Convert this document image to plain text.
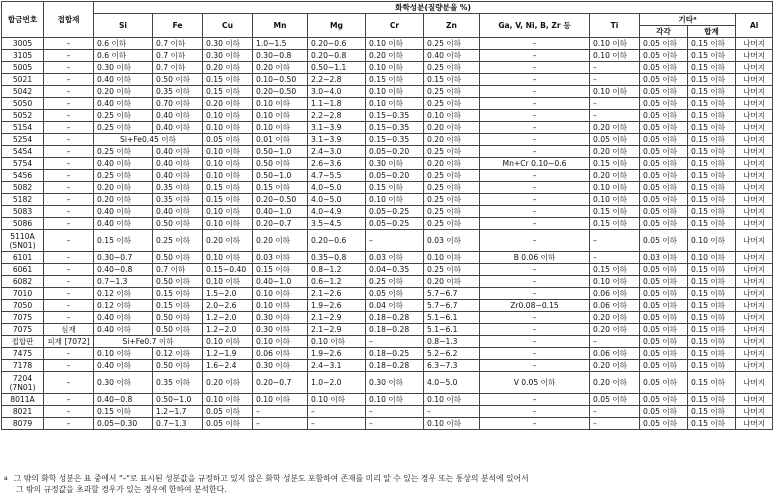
합금번호	접합재	화학성분(질량분율 %)											
		Si	Fe	Cu	Mn	Mg	Cr	Zn	Ga, V, Ni, B, Zr 등	Ti	기타ᵃ		Al
											각각	합계	
3005	–	0.6 이하	0.7 이하	0.30 이하	1.0~1.5	0.20~0.6	0.10 이하	0.25 이하	–	0.10 이하	0.05 이하	0.15 이하	나머지
3105	–	0.6 이하	0.7 이하	0.30 이하	0.30~0.8	0.20~0.8	0.20 이하	0.40 이하	–	0.10 이하	0.05 이하	0.15 이하	나머지
5005	–	0.30 이하	0.7 이하	0.20 이하	0.20 이하	0.50~1.1	0.10 이하	0.25 이하	–	–	0.05 이하	0.15 이하	나머지
5021	–	0.40 이하	0.50 이하	0.15 이하	0.10~0.50	2.2~2.8	0.15 이하	0.15 이하	–	–	0.05 이하	0.15 이하	나머지
5042	–	0.20 이하	0.35 이하	0.15 이하	0.20~0.50	3.0~4.0	0.10 이하	0.25 이하	–	0.10 이하	0.05 이하	0.15 이하	나머지
5050	–	0.40 이하	0.70 이하	0.20 이하	0.10 이하	1.1~1.8	0.10 이하	0.25 이하	–	–	0.05 이하	0.15 이하	나머지
5052	–	0.25 이하	0.40 이하	0.10 이하	0.10 이하	2.2~2.8	0.15~0.35	0.10 이하	–	–	0.05 이하	0.15 이하	나머지
5154	–	0.25 이하	0.40 이하	0.10 이하	0.10 이하	3.1~3.9	0.15~0.35	0.20 이하	–	0.20 이하	0.05 이하	0.15 이하	나머지
5254	–	Si+Fe0.45 이하		0.05 이하	0.01 이하	3.1~3.9	0.15~0.35	0.20 이하	–	0.05 이하	0.05 이하	0.15 이하	나머지
5454	–	0.25 이하	0.40 이하	0.10 이하	0.50~1.0	2.4~3.0	0.05~0.20	0.25 이하	–	0.20 이하	0.05 이하	0.15 이하	나머지
5754	–	0.40 이하	0.40 이하	0.10 이하	0.50 이하	2.6~3.6	0.30 이하	0.20 이하	Mn+Cr 0.10~0.6	0.15 이하	0.05 이하	0.15 이하	나머지
5456	–	0.25 이하	0.40 이하	0.10 이하	0.50~1.0	4.7~5.5	0.05~0.20	0.25 이하	–	0.20 이하	0.05 이하	0.15 이하	나머지
5082	–	0.20 이하	0.35 이하	0.15 이하	0.15 이하	4.0~5.0	0.15 이하	0.25 이하	–	0.10 이하	0.05 이하	0.15 이하	나머지
5182	–	0.20 이하	0.35 이하	0.15 이하	0.20~0.50	4.0~5.0	0.10 이하	0.25 이하	–	0.10 이하	0.05 이하	0.15 이하	나머지
5083	–	0.40 이하	0.40 이하	0.10 이하	0.40~1.0	4.0~4.9	0.05~0.25	0.25 이하	–	0.15 이하	0.05 이하	0.15 이하	나머지
5086	–	0.40 이하	0.50 이하	0.10 이하	0.20~0.7	3.5~4.5	0.05~0.25	0.25 이하	–	0.15 이하	0.05 이하	0.15 이하	나머지
5110A
(5N01)	–	0.15 이하	0.25 이하	0.20 이하	0.20 이하	0.20~0.6	–	0.03 이하	–	–	0.05 이하	0.10 이하	나머지
6101	–	0.30~0.7	0.50 이하	0.10 이하	0.03 이하	0.35~0.8	0.03 이하	0.10 이하	B 0.06 이하	–	0.03 이하	0.10 이하	나머지
6061	–	0.40~0.8	0.7 이하	0.15~0.40	0.15 이하	0.8~1.2	0.04~0.35	0.25 이하	–	0.15 이하	0.05 이하	0.15 이하	나머지
6082	–	0.7~1.3	0.50 이하	0.10 이하	0.40~1.0	0.6~1.2	0.25 이하	0.20 이하	–	0.10 이하	0.05 이하	0.15 이하	나머지
7010	–	0.12 이하	0.15 이하	1.5~2.0	0.10 이하	2.1~2.6	0.05 이하	5.7~6.7	–	0.06 이하	0.05 이하	0.15 이하	나머지
7050	–	0.12 이하	0.15 이하	2.0~2.6	0.10 이하	1.9~2.6	0.04 이하	5.7~6.7	Zr0.08~0.15	0.06 이하	0.05 이하	0.15 이하	나머지
7075	–	0.40 이하	0.50 이하	1.2~2.0	0.30 이하	2.1~2.9	0.18~0.28	5.1~6.1	–	0.20 이하	0.05 이하	0.15 이하	나머지
7075	심재	0.40 이하	0.50 이하	1.2~2.0	0.30 이하	2.1~2.9	0.18~0.28	5.1~6.1	–	0.20 이하	0.05 이하	0.15 이하	나머지
접합판	피재 [7072]	Si+Fe0.7 이하		0.10 이하	0.10 이하	0.10 이하	–	0.8~1.3	–	–	0.05 이하	0.15 이하	나머지
7475	–	0.10 이하	0.12 이하	1.2~1.9	0.06 이하	1.9~2.6	0.18~0.25	5.2~6.2	–	0.06 이하	0.05 이하	0.15 이하	나머지
7178	–	0.40 이하	0.50 이하	1.6~2.4	0.30 이하	2.4~3.1	0.18~0.28	6.3~7.3	–	0.20 이하	0.05 이하	0.15 이하	나머지
7204
(7N01)	–	0.30 이하	0.35 이하	0.20 이하	0.20~0.7	1.0~2.0	0.30 이하	4.0~5.0	V 0.05 이하	0.20 이하	0.05 이하	0.15 이하	나머지
8011A	–	0.40~0.8	0.50~1.0	0.10 이하	0.10 이하	0.10 이하	0.10 이하	0.10 이하	–	0.05 이하	0.05 이하	0.15 이하	나머지
8021	–	0.15 이하	1.2~1.7	0.05 이하	–	–	–	–	–	–	0.05 이하	0.15 이하	나머지
8079	–	0.05~0.30	0.7~1.3	0.05 이하	–	–	–	0.10 이하	–	–	0.05 이하	0.15 이하	나머지
$^a$ 그 밖의 화학 성분은 표 중에서 "–"로 표시된 성분값을 규정하고 있지 않은 화학 성분도 포함하여 존재를 미리 알 수 있는 경우 또는 통상의 분석에 있어서
그 밖의 규정값을 초과할 경우가 있는 경우에 한하여 분석한다.
